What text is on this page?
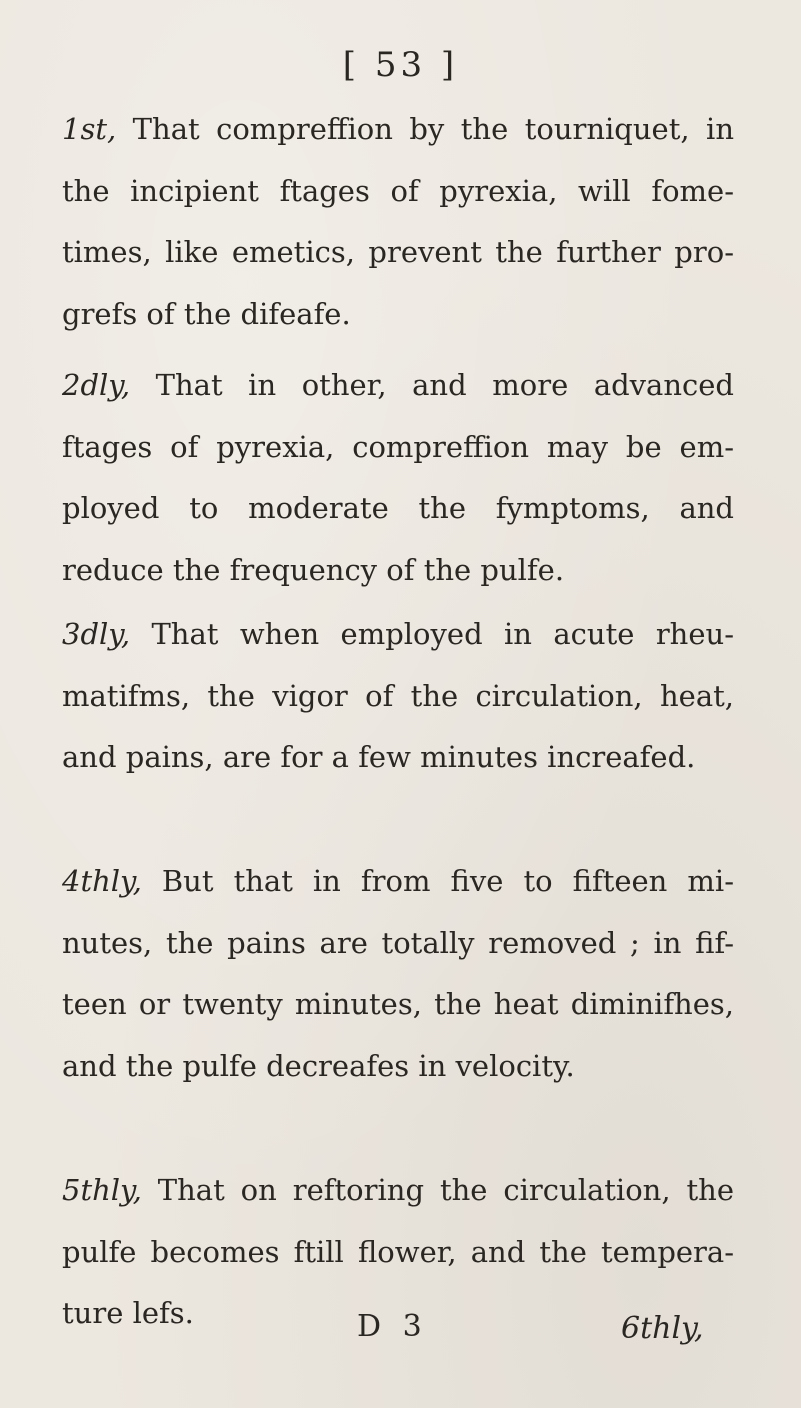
[ 53 ]

1st, That compreffion by the tourniquet, in the incipient ftages of pyrexia, will fome-times, like emetics, prevent the further pro-grefs of the difeafe.

2dly, That in other, and more advanced ftages of pyrexia, compreffion may be em-ployed to moderate the fymptoms, and reduce the frequency of the pulfe.

3dly, That when employed in acute rheu-matifms, the vigor of the circulation, heat, and pains, are for a few minutes increafed.

4thly, But that in from five to fifteen mi-nutes, the pains are totally removed ; in fif-teen or twenty minutes, the heat diminifhes, and the pulfe decreafes in velocity.

5thly, That on reftoring the circulation, the pulfe becomes ftill flower, and the tempera-ture lefs.	D 3	6thly,
